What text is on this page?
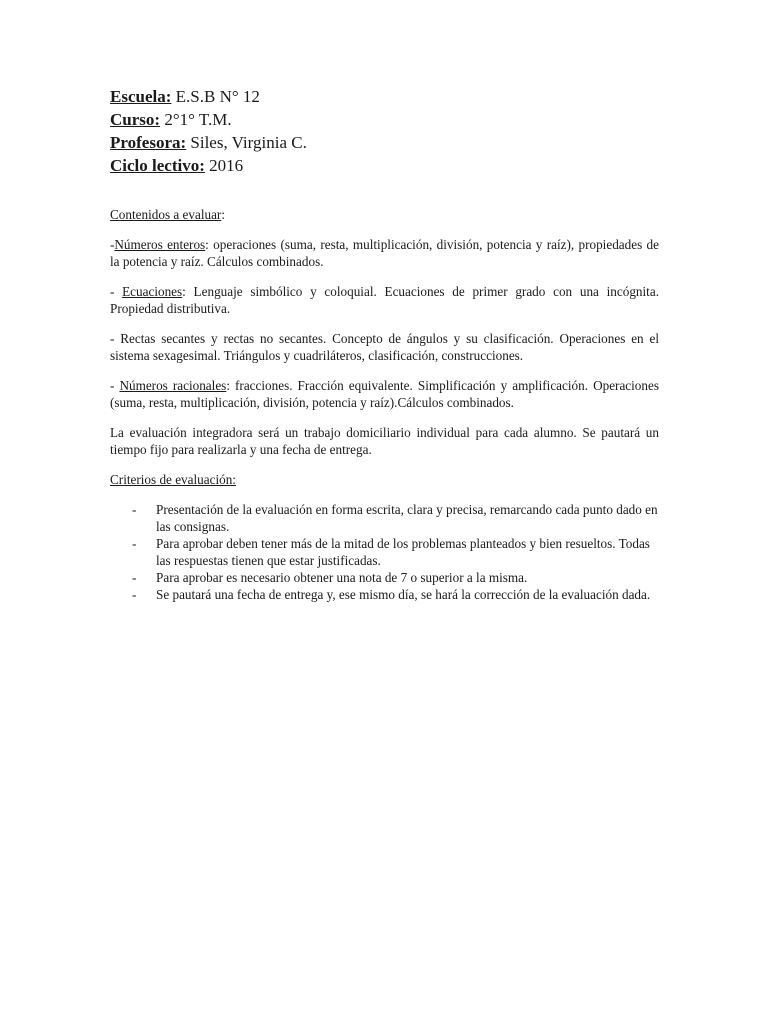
Escuela: E.S.B N° 12
Curso: 2°1° T.M.
Profesora: Siles, Virginia C.
Ciclo lectivo: 2016

Contenidos a evaluar:

-Números enteros: operaciones (suma, resta, multiplicación, división, potencia y raíz), propiedades de la potencia y raíz. Cálculos combinados.

- Ecuaciones: Lenguaje simbólico y coloquial. Ecuaciones de primer grado con una incógnita. Propiedad distributiva.

- Rectas secantes y rectas no secantes. Concepto de ángulos y su clasificación. Operaciones en el sistema sexagesimal. Triángulos y cuadriláteros, clasificación, construcciones.

- Números racionales: fracciones. Fracción equivalente. Simplificación y amplificación. Operaciones (suma, resta, multiplicación, división, potencia y raíz).Cálculos combinados.

La evaluación integradora será un trabajo domiciliario individual para cada alumno. Se pautará un tiempo fijo para realizarla y una fecha de entrega.

Criterios de evaluación:

- Presentación de la evaluación en forma escrita, clara y precisa, remarcando cada punto dado en las consignas.
- Para aprobar deben tener más de la mitad de los problemas planteados y bien resueltos. Todas las respuestas tienen que estar justificadas.
- Para aprobar es necesario obtener una nota de 7 o superior a la misma.
- Se pautará una fecha de entrega y, ese mismo día, se hará la corrección de la evaluación dada.
